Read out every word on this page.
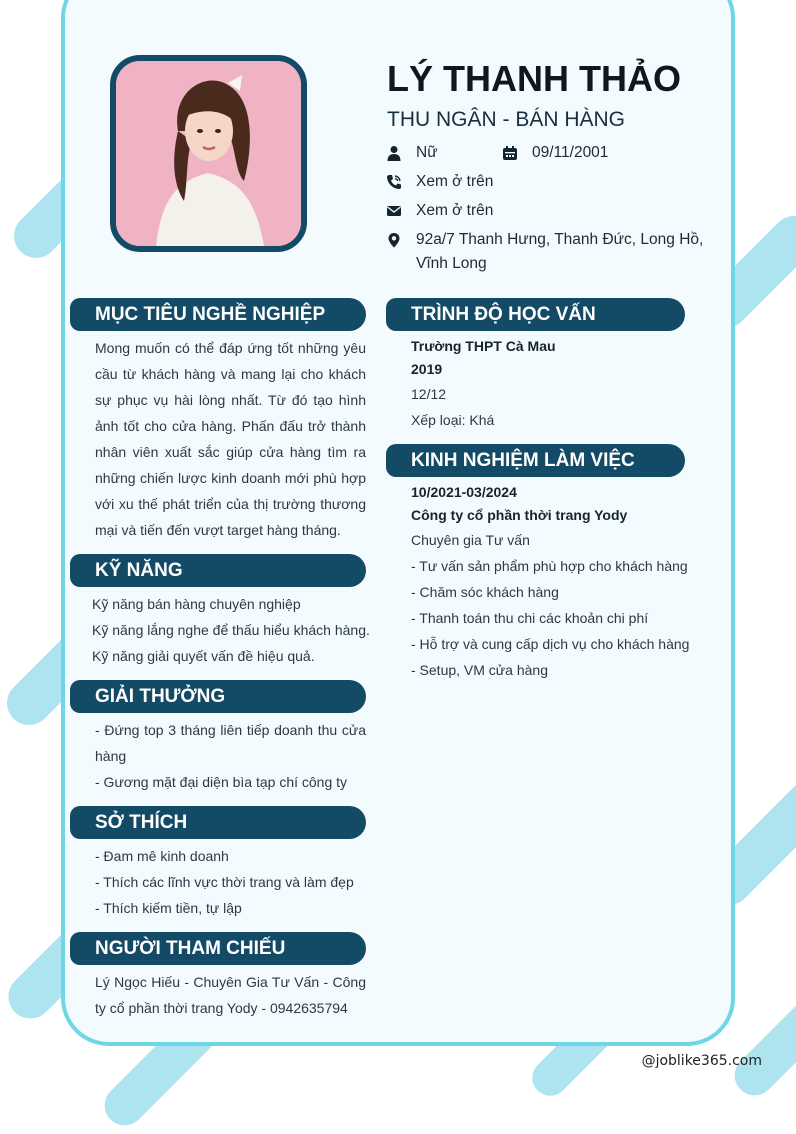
LÝ THANH THẢO
THU NGÂN - BÁN HÀNG
Nữ	09/11/2001
Xem ở trên
Xem ở trên
92a/7 Thanh Hưng, Thanh Đức, Long Hồ, Vĩnh Long
MỤC TIÊU NGHỀ NGHIỆP
Mong muốn có thể đáp ứng tốt những yêu cầu từ khách hàng và mang lại cho khách sự phục vụ hài lòng nhất. Từ đó tạo hình ảnh tốt cho cửa hàng. Phấn đấu trở thành nhân viên xuất sắc giúp cửa hàng tìm ra những chiến lược kinh doanh mới phù hợp với xu thế phát triển của thị trường thương mại và tiến đến vượt target hàng tháng.
KỸ NĂNG
Kỹ năng bán hàng chuyên nghiệp
Kỹ năng lắng nghe để thấu hiểu khách hàng.
Kỹ năng giải quyết vấn đề hiệu quả.
GIẢI THƯỞNG
- Đứng top 3 tháng liên tiếp doanh thu cửa hàng
- Gương mặt đại diện bìa tạp chí công ty
SỞ THÍCH
- Đam mê kinh doanh
- Thích các lĩnh vực thời trang và làm đẹp
- Thích kiếm tiền, tự lập
NGƯỜI THAM CHIẾU
Lý Ngọc Hiếu - Chuyên Gia Tư Vấn - Công ty cổ phần thời trang Yody - 0942635794
TRÌNH ĐỘ HỌC VẤN
Trường THPT Cà Mau
2019
12/12
Xếp loại: Khá
KINH NGHIỆM LÀM VIỆC
10/2021-03/2024
Công ty cổ phần thời trang Yody
Chuyên gia Tư vấn
- Tư vấn sản phẩm phù hợp cho khách hàng
- Chăm sóc khách hàng
- Thanh toán thu chi các khoản chi phí
- Hỗ trợ và cung cấp dịch vụ cho khách hàng
- Setup, VM cửa hàng
@joblike365.com
